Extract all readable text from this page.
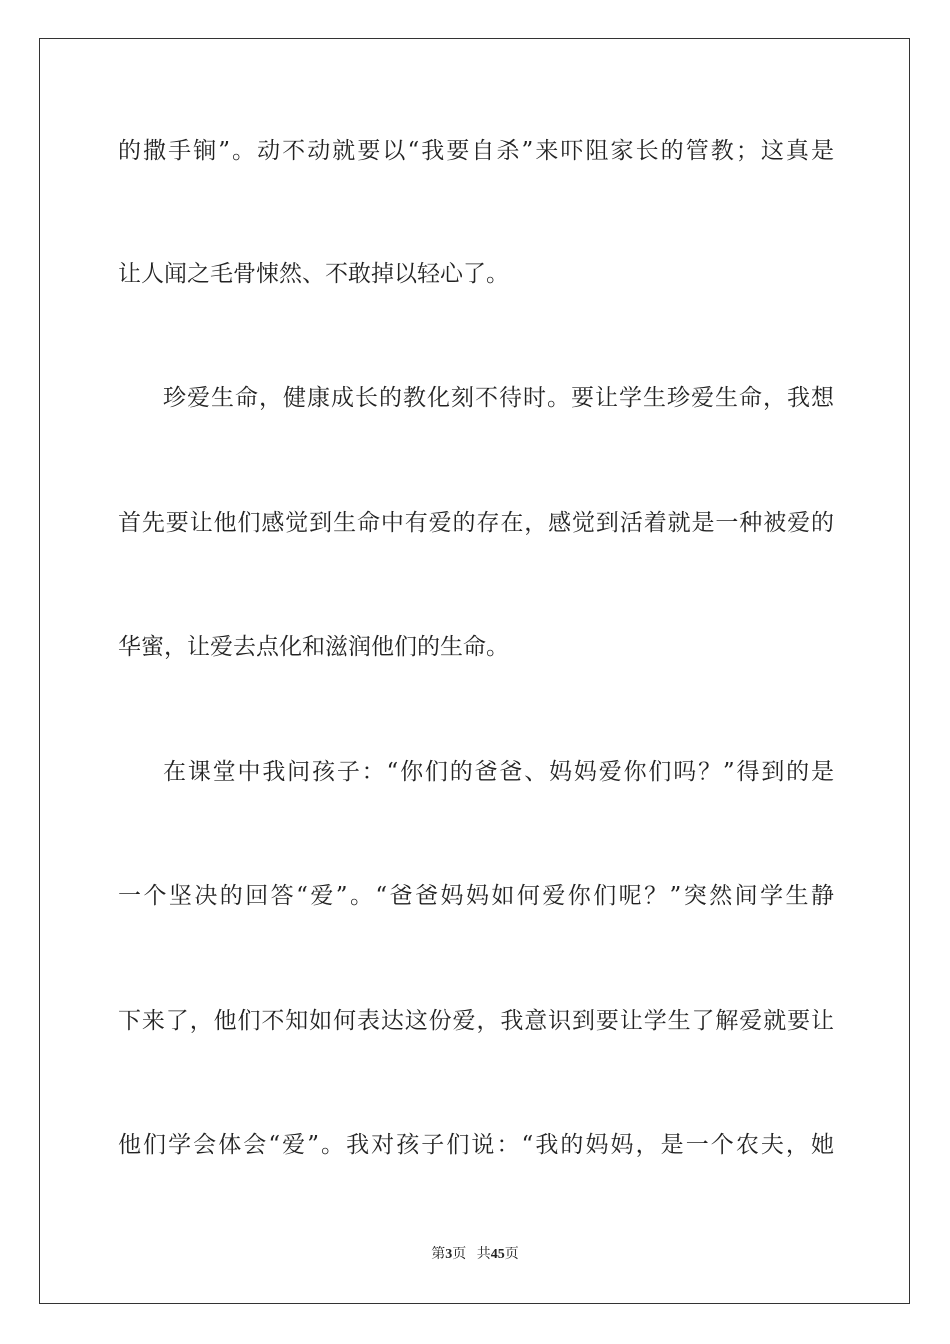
的撒手锏”。动不动就要以“我要自杀”来吓阻家长的管教；这真是
让人闻之毛骨悚然、不敢掉以轻心了。
珍爱生命，健康成长的教化刻不待时。要让学生珍爱生命，我想
首先要让他们感觉到生命中有爱的存在，感觉到活着就是一种被爱的
华蜜，让爱去点化和滋润他们的生命。
在课堂中我问孩子：“你们的爸爸、妈妈爱你们吗？”得到的是
一个坚决的回答“爱”。“爸爸妈妈如何爱你们呢？”突然间学生静
下来了，他们不知如何表达这份爱，我意识到要让学生了解爱就要让
他们学会体会“爱”。我对孩子们说：“我的妈妈，是一个农夫，她
第3页 共45页
